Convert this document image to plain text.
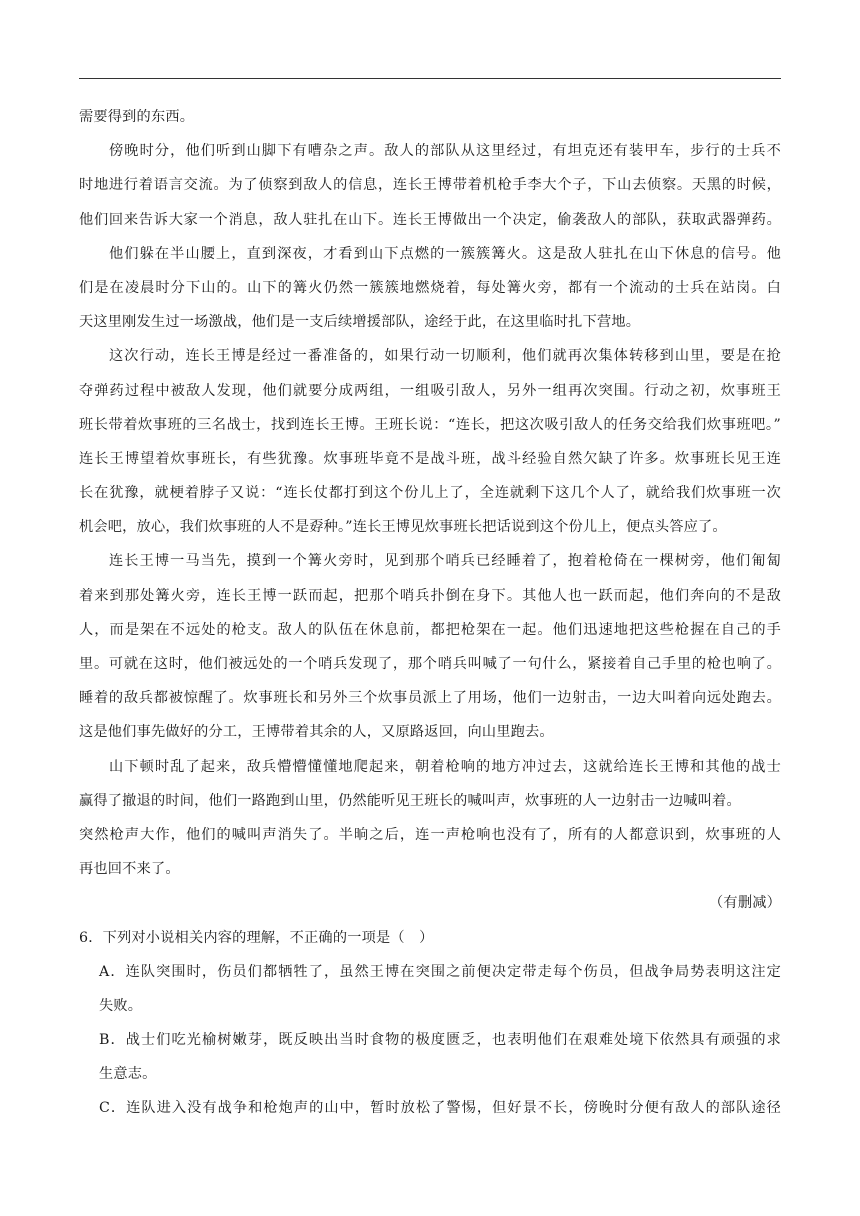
需要得到的东西。
傍晚时分，他们听到山脚下有嘈杂之声。敌人的部队从这里经过，有坦克还有装甲车，步行的士兵不
时地进行着语言交流。为了侦察到敌人的信息，连长王博带着机枪手李大个子，下山去侦察。天黑的时候，
他们回来告诉大家一个消息，敌人驻扎在山下。连长王博做出一个决定，偷袭敌人的部队，获取武器弹药。
他们躲在半山腰上，直到深夜，才看到山下点燃的一簇簇篝火。这是敌人驻扎在山下休息的信号。他
们是在凌晨时分下山的。山下的篝火仍然一簇簇地燃烧着，每处篝火旁，都有一个流动的士兵在站岗。白
天这里刚发生过一场激战，他们是一支后续增援部队，途经于此，在这里临时扎下营地。
这次行动，连长王博是经过一番准备的，如果行动一切顺利，他们就再次集体转移到山里，要是在抢
夺弹药过程中被敌人发现，他们就要分成两组，一组吸引敌人，另外一组再次突围。行动之初，炊事班王
班长带着炊事班的三名战士，找到连长王博。王班长说：“连长，把这次吸引敌人的任务交给我们炊事班吧。”
连长王博望着炊事班长，有些犹豫。炊事班毕竟不是战斗班，战斗经验自然欠缺了许多。炊事班长见王连
长在犹豫，就梗着脖子又说：“连长仗都打到这个份儿上了，全连就剩下这几个人了，就给我们炊事班一次
机会吧，放心，我们炊事班的人不是孬种。”连长王博见炊事班长把话说到这个份儿上，便点头答应了。
连长王博一马当先，摸到一个篝火旁时，见到那个哨兵已经睡着了，抱着枪倚在一棵树旁，他们匍匐
着来到那处篝火旁，连长王博一跃而起，把那个哨兵扑倒在身下。其他人也一跃而起，他们奔向的不是敌
人，而是架在不远处的枪支。敌人的队伍在休息前，都把枪架在一起。他们迅速地把这些枪握在自己的手
里。可就在这时，他们被远处的一个哨兵发现了，那个哨兵叫喊了一句什么，紧接着自己手里的枪也响了。
睡着的敌兵都被惊醒了。炊事班长和另外三个炊事员派上了用场，他们一边射击，一边大叫着向远处跑去。
这是他们事先做好的分工，王博带着其余的人，又原路返回，向山里跑去。
山下顿时乱了起来，敌兵懵懵懂懂地爬起来，朝着枪响的地方冲过去，这就给连长王博和其他的战士
赢得了撤退的时间，他们一路跑到山里，仍然能听见王班长的喊叫声，炊事班的人一边射击一边喊叫着。
突然枪声大作，他们的喊叫声消失了。半晌之后，连一声枪响也没有了，所有的人都意识到，炊事班的人
再也回不来了。
（有删减）
6．下列对小说相关内容的理解，不正确的一项是（　）
A．连队突围时，伤员们都牺牲了，虽然王博在突围之前便决定带走每个伤员，但战争局势表明这注定
失败。
B．战士们吃光榆树嫩芽，既反映出当时食物的极度匮乏，也表明他们在艰难处境下依然具有顽强的求
生意志。
C．连队进入没有战争和枪炮声的山中，暂时放松了警惕，但好景不长，傍晚时分便有敌人的部队途径
